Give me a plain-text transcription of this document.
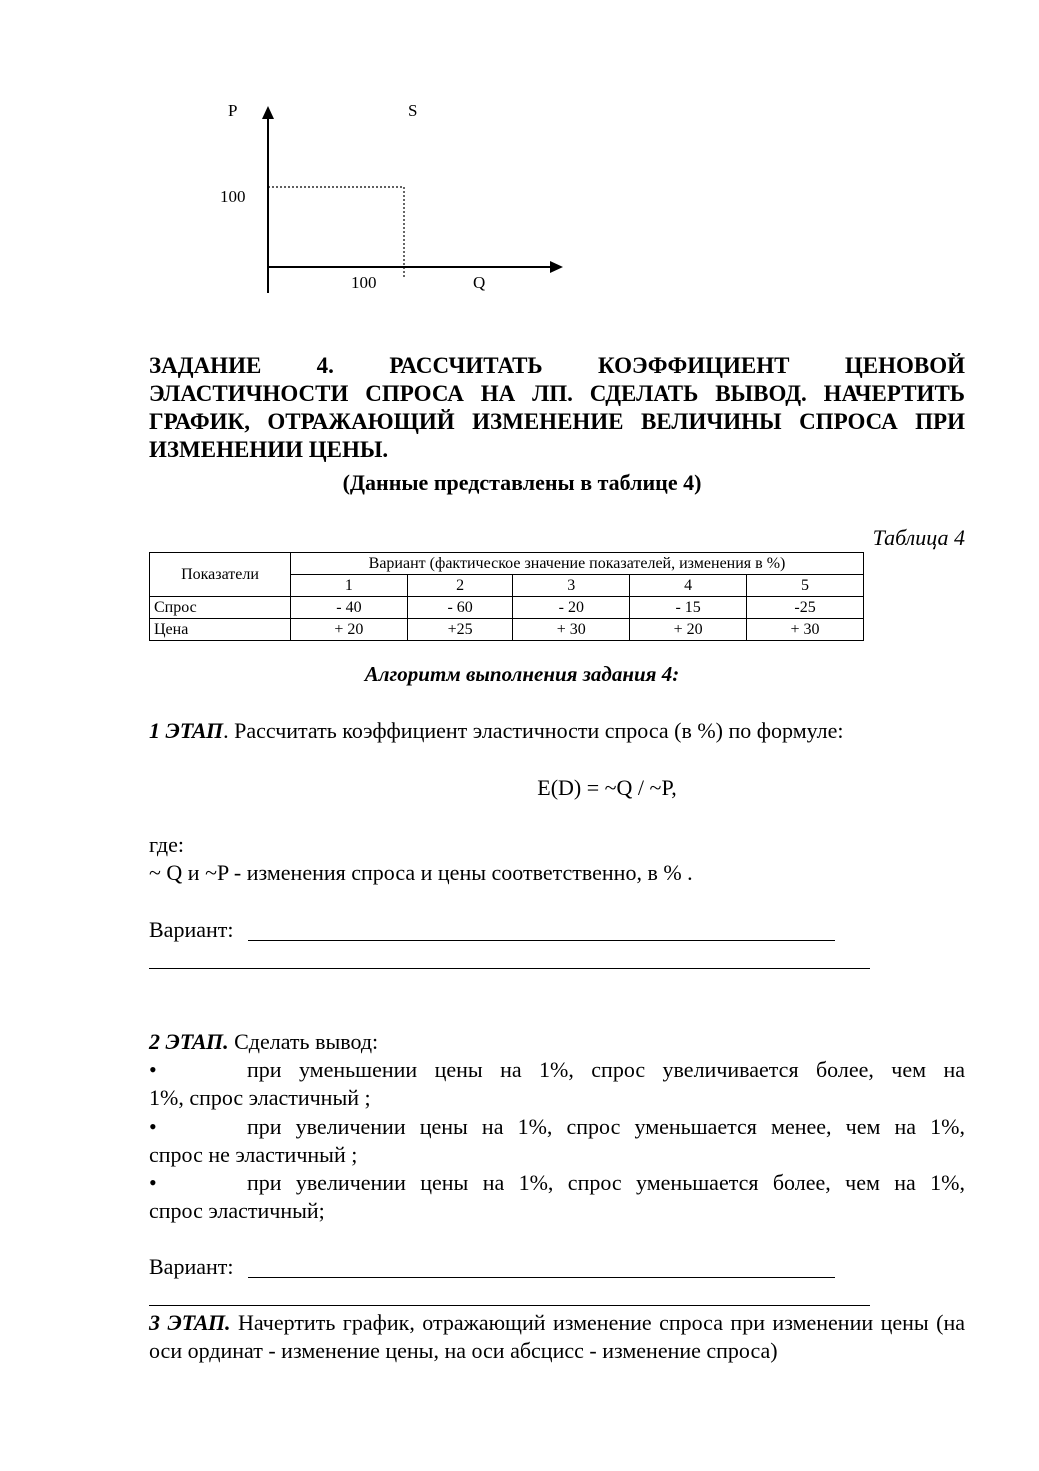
P	S
100
100	Q
ЗАДАНИЕ 4. РАССЧИТАТЬ КОЭФФИЦИЕНТ ЦЕНОВОЙ
ЭЛАСТИЧНОСТИ СПРОСА НА ЛП. СДЕЛАТЬ ВЫВОД. НАЧЕРТИТЬ
ГРАФИК, ОТРАЖАЮЩИЙ ИЗМЕНЕНИЕ ВЕЛИЧИНЫ СПРОСА ПРИ
ИЗМЕНЕНИИ ЦЕНЫ.
(Данные представлены в таблице 4)
Таблица 4
Показатели	Вариант (фактическое значение показателей, изменения в %)				
	1	2	3	4	5
Спрос	- 40	- 60	- 20	- 15	-25
Цена	+ 20	+25	+ 30	+ 20	+ 30
Алгоритм выполнения задания 4:
1 ЭТАП. Рассчитать коэффициент эластичности спроса (в %) по формуле:
E(D) = ~Q / ~P,
где:
~ Q и ~P - изменения спроса и цены соответственно, в % .
Вариант:
2 ЭТАП. Сделать вывод:
•	при уменьшении цены на 1%, спрос увеличивается более, чем на
1%, спрос эластичный ;
•	при увеличении цены на 1%, спрос уменьшается менее, чем на 1%,
спрос не эластичный ;
•	при увеличении цены на 1%, спрос уменьшается более, чем на 1%,
спрос эластичный;
Вариант:
3 ЭТАП. Начертить график, отражающий изменение спроса при изменении цены (на оси ординат - изменение цены, на оси абсцисс - изменение спроса)
